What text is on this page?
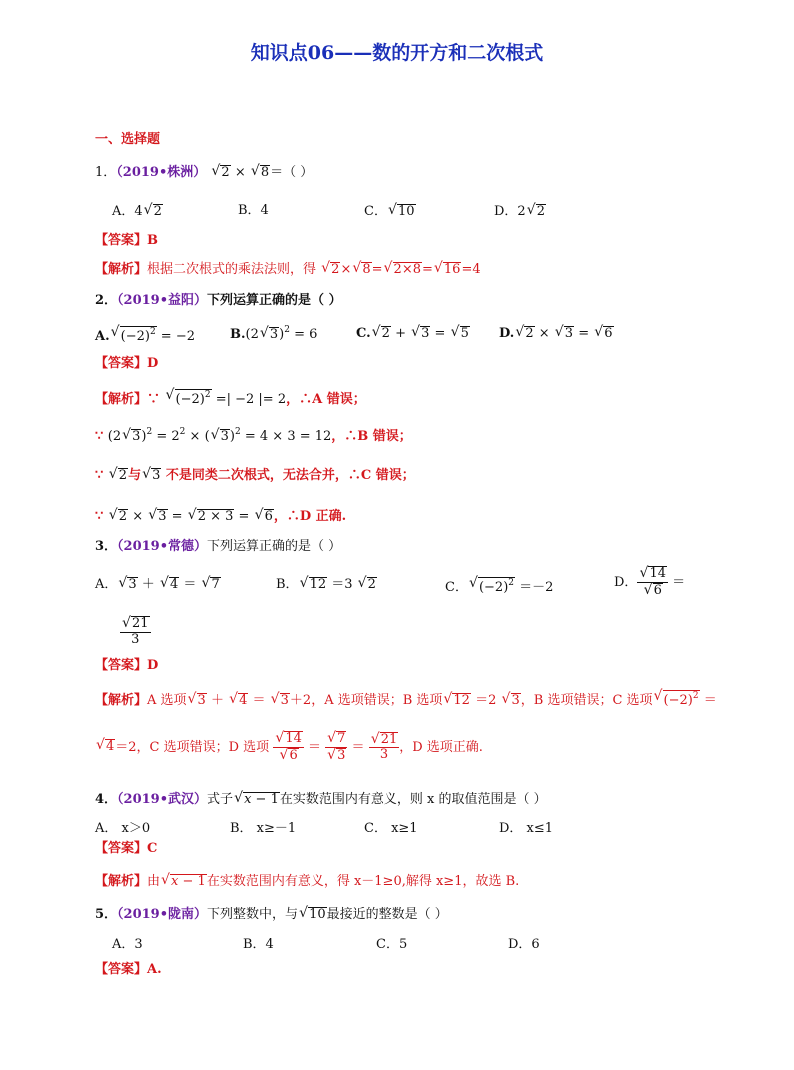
知识点06——数的开方和二次根式
一、选择题
1．（2019•株洲） √ 2 × √ 8＝（ ）
A．4 √ 2	B．4	C． √ 10	D．2 √ 2
【答案】B
【解析】根据二次根式的乘法法则，得 √ 2× √ 8= √ 2×8= √ 16=4
2．（2019•益阳）下列运算正确的是（ ）
A. √ $(-2)^2 = -2$	B.(2 √ 3)$^2$ = 6	C. √ 2 + √ 3 = √ 5 D. √ 2 × √ 3 = √ 6
【答案】D
【解析】∵ √ $(-2)^2$ =| −2 |= 2，∴A 错误；
∵ (2 √ $3)^2 = 2^2$ × ( √ 3)$^2$ = 4 × 3 = 12，∴B 错误；
∵ √ 2与 √ 3 不是同类二次根式，无法合并，∴C 错误；
∵ √ 2 × √ 3 = √ 2 × 3 = √ 6，∴D 正确.
3．（2019•常德）下列运算正确的是（ ）
A． √ 3 ＋ √ 4 ＝ √ 7	B． √ 12 ＝3 √ 2	C． √ $(-2)^2 =-2$	D． √ 14
√ 6 ＝
√ $\frac{21}{3}$
【答案】D
【解析】A 选项 √ 3 ＋ √ 4 ＝ √ 3＋2，A 选项错误；B 选项 √ 12 ＝2 √ 3，B 选项错误；C 选项 √ $(-2)^2$ ＝
√ 4＝2，C 选项错误；D 选项 √ 14
√ 6 ＝ √ 7
√ 3 ＝ √ $\frac{21}{3}$ ，D 选项正确.
4．（2019•武汉）式子 √ x − 1在实数范围内有意义，则 x 的取值范围是（ ）
A． x＞0	B． x≥－1	C． x≥1	D． x≤1
【答案】C
【解析】由 √ x − 1在实数范围内有意义，得 x－1≥0,解得 x≥1，故选 B.
5．（2019•陇南）下列整数中，与 √ 10最接近的整数是（ ）
A．3	B．4	C．5	D．6
【答案】A.
